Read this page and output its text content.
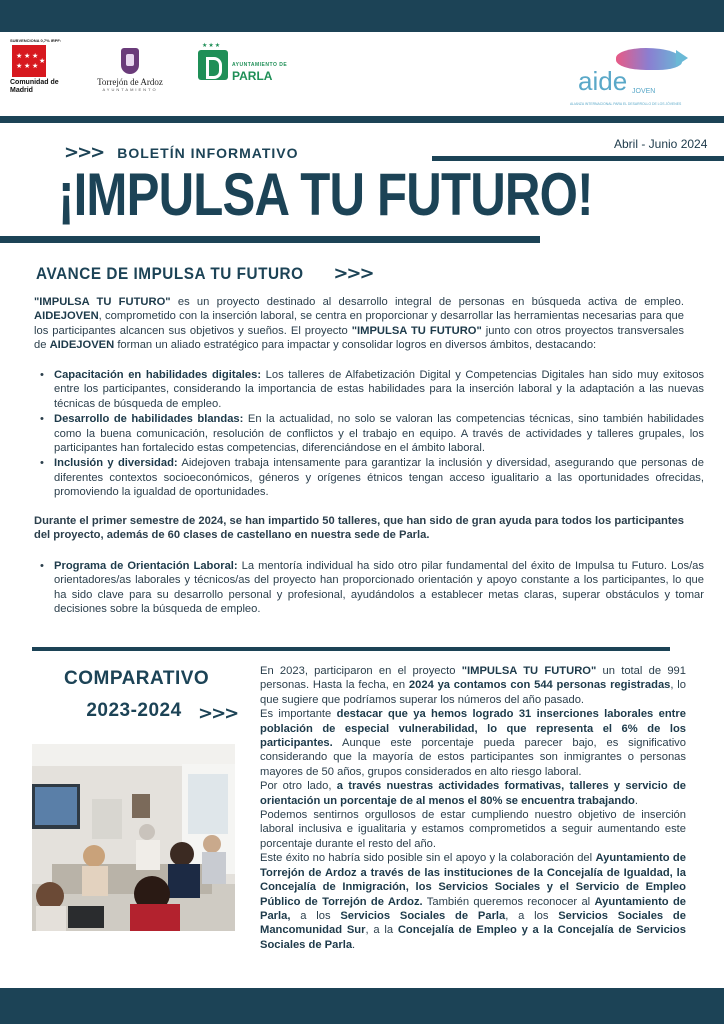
SUBVENCIONA 0,7% IRPF:
★ ★ ★
★ ★ ★
★
Comunidad de Madrid
Torrejón de Ardoz
AYUNTAMIENTO
★★★
AYUNTAMIENTO DE
PARLA	aide JOVEN
ALIANZA INTERNACIONAL PARA EL DESARROLLO DE LOS JÓVENES
Abril - Junio 2024
>>> BOLETÍN INFORMATIVO
¡IMPULSA TU FUTURO!
AVANCE DE IMPULSA TU FUTURO >>>
"IMPULSA TU FUTURO" es un proyecto destinado al desarrollo integral de personas en búsqueda activa de empleo. AIDEJOVEN, comprometido con la inserción laboral, se centra en proporcionar y desarrollar las herramientas necesarias para que los participantes alcancen sus objetivos y sueños. El proyecto "IMPULSA TU FUTURO" junto con otros proyectos transversales de AIDEJOVEN forman un aliado estratégico para impactar y consolidar logros en diversos ámbitos, destacando:
• Capacitación en habilidades digitales: Los talleres de Alfabetización Digital y Competencias Digitales han sido muy exitosos entre los participantes, considerando la importancia de estas habilidades para la inserción laboral y la adaptación a las nuevas técnicas de búsqueda de empleo.
• Desarrollo de habilidades blandas: En la actualidad, no solo se valoran las competencias técnicas, sino también habilidades como la buena comunicación, resolución de conflictos y el trabajo en equipo. A través de actividades y talleres grupales, los participantes han fortalecido estas competencias, diferenciándose en el ámbito laboral.
• Inclusión y diversidad: Aidejoven trabaja intensamente para garantizar la inclusión y diversidad, asegurando que personas de diferentes contextos socioeconómicos, géneros y orígenes étnicos tengan acceso igualitario a las oportunidades ofrecidas, promoviendo la igualdad de oportunidades.
Durante el primer semestre de 2024, se han impartido 50 talleres, que han sido de gran ayuda para todos los participantes del proyecto, además de 60 clases de castellano en nuestra sede de Parla.
• Programa de Orientación Laboral: La mentoría individual ha sido otro pilar fundamental del éxito de Impulsa tu Futuro. Los/as orientadores/as laborales y técnicos/as del proyecto han proporcionado orientación y apoyo constante a los participantes, lo que ha sido clave para su desarrollo personal y profesional, ayudándolos a establecer metas claras, superar obstáculos y tomar decisiones sobre la búsqueda de empleo.
COMPARATIVO
2023-2024 >>>

En 2023, participaron en el proyecto "IMPULSA TU FUTURO" un total de 991 personas. Hasta la fecha, en 2024 ya contamos con 544 personas registradas, lo que sugiere que podríamos superar los números del año pasado.

Es importante destacar que ya hemos logrado 31 inserciones laborales entre población de especial vulnerabilidad, lo que representa el 6% de los participantes. Aunque este porcentaje pueda parecer bajo, es significativo considerando que la mayoría de estos participantes son inmigrantes o personas mayores de 50 años, grupos considerados en alto riesgo laboral.

Por otro lado, a través nuestras actividades formativas, talleres y servicio de orientación un porcentaje de al menos el 80% se encuentra trabajando.

Podemos sentirnos orgullosos de estar cumpliendo nuestro objetivo de inserción laboral inclusiva e igualitaria y estamos comprometidos a seguir aumentando este porcentaje durante el resto del año.

Este éxito no habría sido posible sin el apoyo y la colaboración del Ayuntamiento de Torrejón de Ardoz a través de las instituciones de la Concejalía de Igualdad, la Concejalía de Inmigración, los Servicios Sociales y el Servicio de Empleo Público de Torrejón de Ardoz. También queremos reconocer al Ayuntamiento de Parla, a los Servicios Sociales de Parla, a los Servicios Sociales de Mancomunidad Sur, a la Concejalía de Empleo y a la Concejalía de Servicios Sociales de Parla.
